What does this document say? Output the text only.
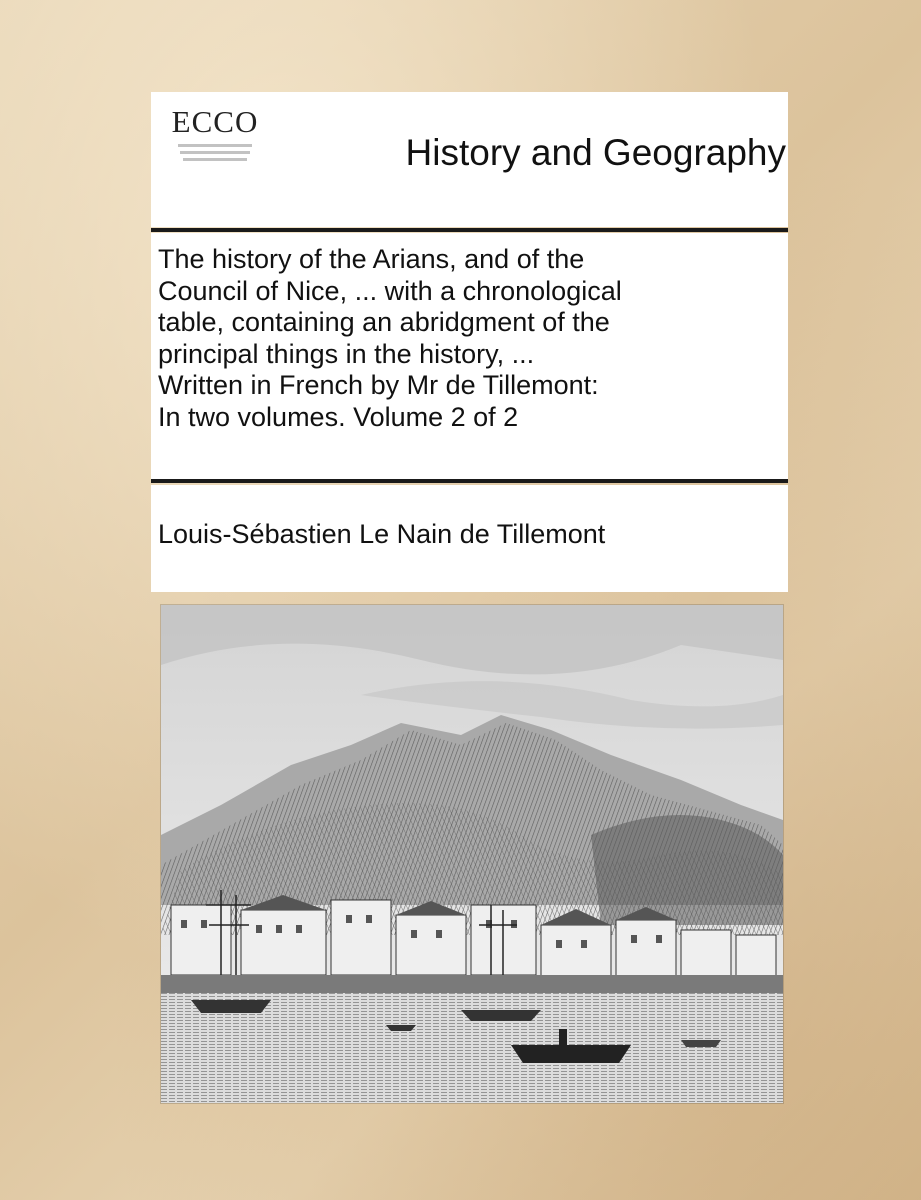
ECCO
History and Geography
The history of the Arians, and of the
Council of Nice, ... with a chronological
table, containing an abridgment of the
principal things in the history, ...
Written in French by Mr de Tillemont:
In two volumes. Volume 2 of 2
Louis-Sébastien Le Nain de Tillemont
